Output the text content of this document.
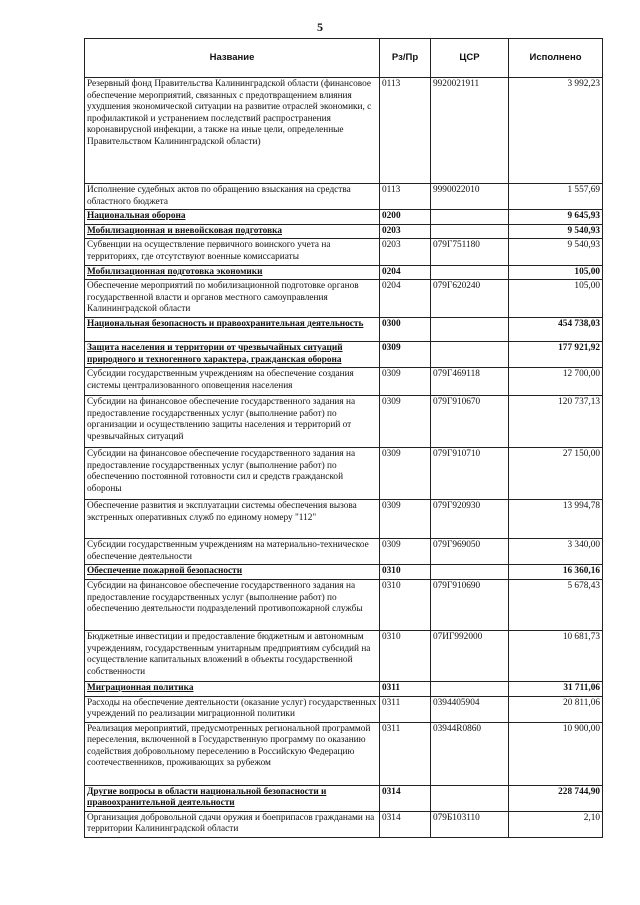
5
Название	Рз/Пр	ЦСР	Исполнено
Резервный фонд Правительства Калининградской области (финансовое обеспечение мероприятий, связанных с предотвращением влияния ухудшения экономической ситуации на развитие отраслей экономики, с профилактикой и устранением последствий распространения коронавирусной инфекции, а также на иные цели, определенные Правительством Калининградской области)	0113	9920021911	3 992,23
Исполнение судебных актов по обращению взыскания на средства областного бюджета	0113	9990022010	1 557,69
Национальная оборона	0200		9 645,93
Мобилизационная и вневойсковая подготовка	0203		9 540,93
Субвенции на осуществление первичного воинского учета на территориях, где отсутствуют военные комиссариаты	0203	079Г751180	9 540,93
Мобилизационная подготовка экономики	0204		105,00
Обеспечение мероприятий по мобилизационной подготовке органов государственной власти и органов местного самоуправления Калининградской области	0204	079Г620240	105,00
Национальная безопасность и правоохранительная деятельность	0300		454 738,03
Защита населения и территории от чрезвычайных ситуаций природного и техногенного характера, гражданская оборона	0309		177 921,92
Субсидии государственным учреждениям на обеспечение создания системы централизованного оповещения населения	0309	079Г469118	12 700,00
Субсидии на финансовое обеспечение государственного задания на предоставление государственных услуг (выполнение работ) по организации и осуществлению защиты населения и территорий от чрезвычайных ситуаций	0309	079Г910670	120 737,13
Субсидии на финансовое обеспечение государственного задания на предоставление государственных услуг (выполнение работ) по обеспечению постоянной готовности сил и средств гражданской обороны	0309	079Г910710	27 150,00
Обеспечение развития и эксплуатации системы обеспечения вызова экстренных оперативных служб по единому номеру "112"	0309	079Г920930	13 994,78
Субсидии государственным учреждениям на материально-техническое обеспечение деятельности	0309	079Г969050	3 340,00
Обеспечение пожарной безопасности	0310		16 360,16
Субсидии на финансовое обеспечение государственного задания на предоставление государственных услуг (выполнение работ) по обеспечению деятельности подразделений противопожарной службы	0310	079Г910690	5 678,43
Бюджетные инвестиции и предоставление бюджетным и автономным учреждениям, государственным унитарным предприятиям субсидий на осуществление капитальных вложений в объекты государственной собственности	0310	07ИГ992000	10 681,73
Миграционная политика	0311		31 711,06
Расходы на обеспечение деятельности (оказание услуг) государственных учреждений по реализации миграционной политики	0311	0394405904	20 811,06
Реализация мероприятий, предусмотренных региональной программой переселения, включенной в Государственную программу по оказанию содействия добровольному переселению в Российскую Федерацию соотечественников, проживающих за рубежом	0311	03944R0860	10 900,00
Другие вопросы в области национальной безопасности и правоохранительной деятельности	0314		228 744,90
Организация добровольной сдачи оружия и боеприпасов гражданами на территории Калининградской области	0314	079Б103110	2,10
